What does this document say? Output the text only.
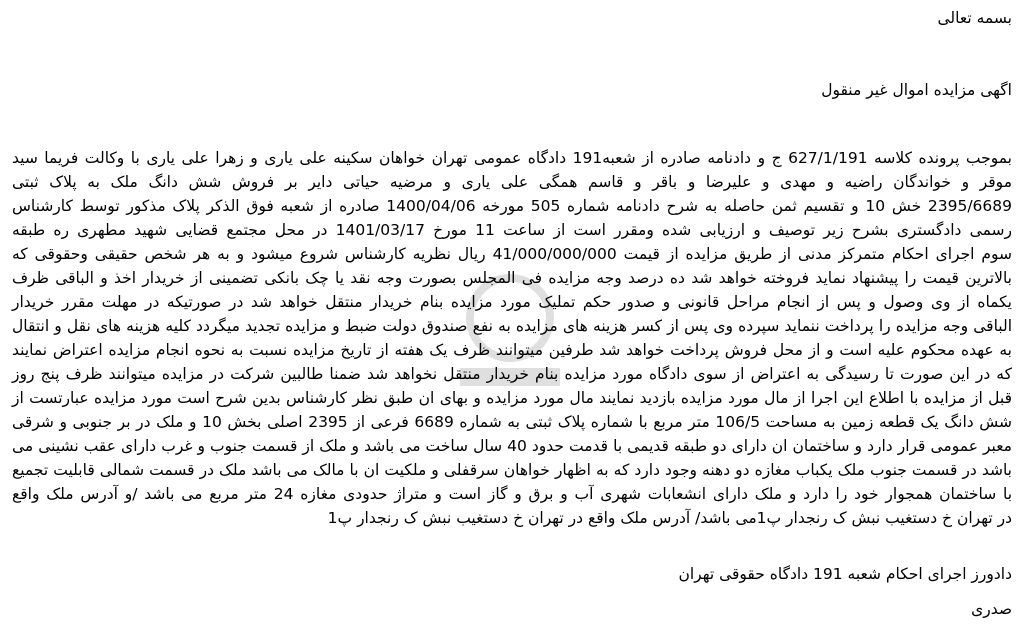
بسمه تعالی
اگهی مزایده اموال غیر منقول
بموجب پرونده کلاسه 627/1/191 ج و دادنامه صادره از شعبه191 دادگاه عمومی تهران خواهان سکینه علی یاری و زهرا علی یاری با وکالت فریما سید
موقر و خواندگان راضیه و مهدی و علیرضا و باقر و قاسم همگی علی یاری و مرضیه حیاتی دایر بر فروش شش دانگ ملک به پلاک ثبتی
2395/6689 خش 10 و تقسیم ثمن حاصله به شرح دادنامه شماره 505 مورخه 1400/04/06 صادره از شعبه فوق الذکر پلاک مذکور توسط کارشناس
رسمی دادگستری بشرح زیر توصیف و ارزیابی شده ومقرر است از ساعت 11 مورخ 1401/03/17 در محل مجتمع قضایی شهید مطهری ره طبقه
سوم اجرای احکام متمرکز مدنی از طریق مزایده از قیمت 41/000/000/000 ریال نظریه کارشناس شروع میشود و به هر شخص حقیقی وحقوقی که
بالاترین قیمت را پیشنهاد نماید فروخته خواهد شد ده درصد وجه مزایده فی المجلس بصورت وجه نقد یا چک بانکی تضمینی از خریدار اخذ و الباقی ظرف
یکماه از وی وصول و پس از انجام مراحل قانونی و صدور حکم تملیک مورد مزایده بنام خریدار منتقل خواهد شد در صورتیکه در مهلت مقرر خریدار
الباقی وجه مزایده را پرداخت ننماید سپرده وی پس از کسر هزینه های مزایده به نفع صندوق دولت ضبط و مزایده تجدید میگردد کلیه هزینه های نقل و انتقال
به عهده محکوم علیه است و از محل فروش پرداخت خواهد شد طرفین میتوانند ظرف یک هفته از تاریخ مزایده نسبت به نحوه انجام مزایده اعتراض نمایند
که در این صورت تا رسیدگی به اعتراض از سوی دادگاه مورد مزایده بنام خریدار منتقل نخواهد شد ضمنا طالبین شرکت در مزایده میتوانند ظرف پنج روز
قبل از مزایده با اطلاع این اجرا از مال مورد مزایده بازدید نمایند مال مورد مزایده و بهای ان طبق نظر کارشناس بدین شرح است مورد مزایده عبارتست از
شش دانگ یک قطعه زمین به مساحت 106/5 متر مربع با شماره پلاک ثبتی به شماره 6689 فرعی از 2395 اصلی بخش 10 و ملک در بر جنوبی و شرقی
معبر عمومی قرار دارد و ساختمان ان دارای دو طبقه قدیمی با قدمت حدود 40 سال ساخت می باشد و ملک از قسمت جنوب و غرب دارای عقب نشینی می
باشد در قسمت جنوب ملک یکباب مغازه دو دهنه وجود دارد که به اظهار خواهان سرقفلی و ملکیت ان با مالک می باشد ملک در قسمت شمالی قابلیت تجمیع
با ساختمان همجوار خود را دارد و ملک دارای انشعابات شهری آب و برق و گاز است و متراژ حدودی مغازه 24 متر مربع می باشد /و آدرس ملک واقع
در تهران خ دستغیب نبش ک رنجدار پ1می باشد/ آدرس ملک واقع در تهران خ دستغیب نبش ک رنجدار پ1
دادورز اجرای احکام شعبه 191 دادگاه حقوقی تهران
صدری
